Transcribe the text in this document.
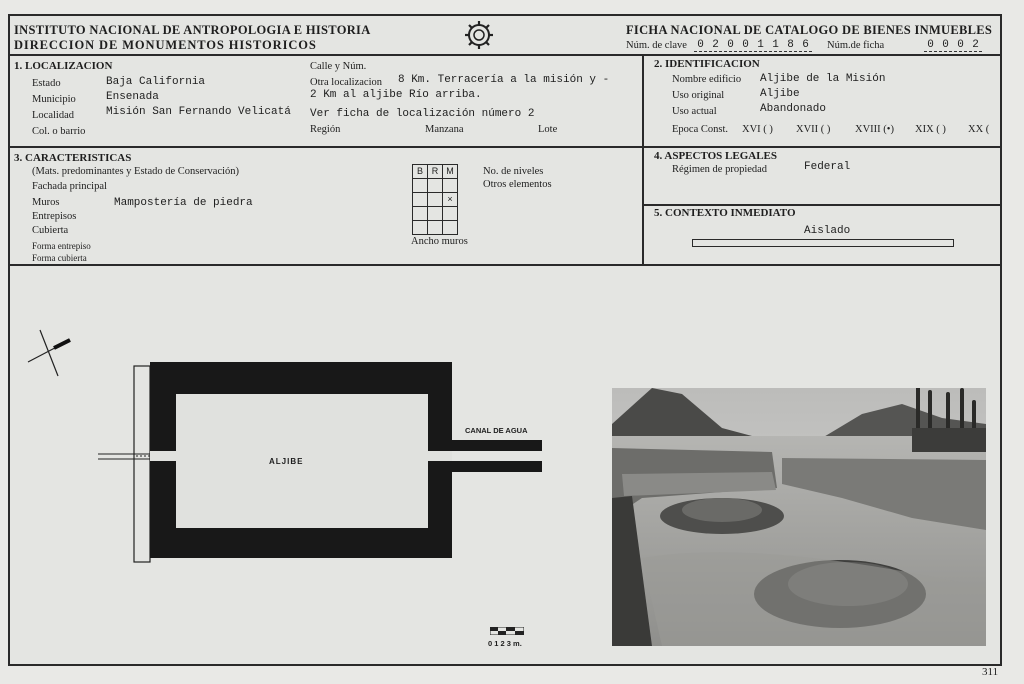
INSTITUTO NACIONAL DE ANTROPOLOGIA E HISTORIA
DIRECCION DE MONUMENTOS HISTORICOS
FICHA NACIONAL DE CATALOGO DE BIENES INMUEBLES
Núm. de clave 0 2 0 0 1 1 8 6	Núm.de ficha	0 0 0 2
1. LOCALIZACION
Estado	Baja California
Municipio	Ensenada
Localidad	Misión San Fernando Velicatá
Col. o barrio
Calle y Núm.
Otra localizacion 8 Km. Terracería a la misión y -
2 Km al aljibe Río arriba.
Ver ficha de localización número 2
Región	Manzana	Lote
2. IDENTIFICACION
Nombre edificio Aljibe de la Misión
Uso original	Aljibe
Uso actual	Abandonado
Epoca Const. XVI ( ) XVII ( ) XVIII (•) XIX ( ) XX (
3. CARACTERISTICAS
(Mats. predominantes y Estado de Conservación)
Fachada principal
Muros	Mampostería de piedra
Entrepisos
Cubierta
Forma entrepiso
Forma cubierta
B	R	M

		×

Ancho muros
No. de niveles
Otros elementos
4. ASPECTOS LEGALES
Régimen de propiedad	Federal
5. CONTEXTO INMEDIATO
Aislado
ALJIBE
CANAL DE AGUA
0 1 2 3 m.
311
